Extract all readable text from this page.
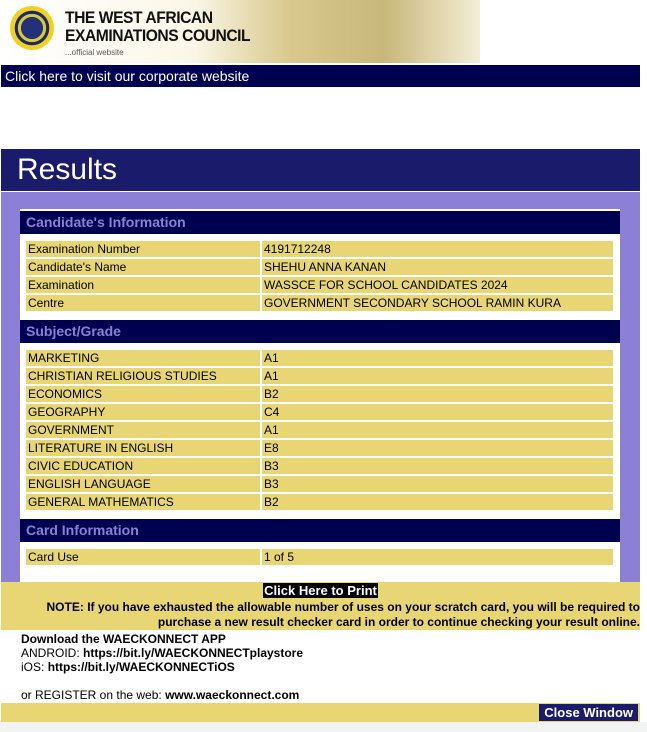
THE WEST AFRICAN
EXAMINATIONS COUNCIL
...official website
Click here to visit our corporate website
Results
Candidate's Information
Examination Number	4191712248
Candidate's Name	SHEHU ANNA KANAN
Examination	WASSCE FOR SCHOOL CANDIDATES 2024
Centre	GOVERNMENT SECONDARY SCHOOL RAMIN KURA
Subject/Grade
MARKETING	A1
CHRISTIAN RELIGIOUS STUDIES	A1
ECONOMICS	B2
GEOGRAPHY	C4
GOVERNMENT	A1
LITERATURE IN ENGLISH	E8
CIVIC EDUCATION	B3
ENGLISH LANGUAGE	B3
GENERAL MATHEMATICS	B2
Card Information
Card Use	1 of 5
Click Here to Print
NOTE: If you have exhausted the allowable number of uses on your scratch card, you will be required to
purchase a new result checker card in order to continue checking your result online.
Download the WAECKONNECT APP
ANDROID: https://bit.ly/WAECKONNECTplaystore
iOS: https://bit.ly/WAECKONNECTiOS

or REGISTER on the web: www.waeckonnect.com
Close Window
